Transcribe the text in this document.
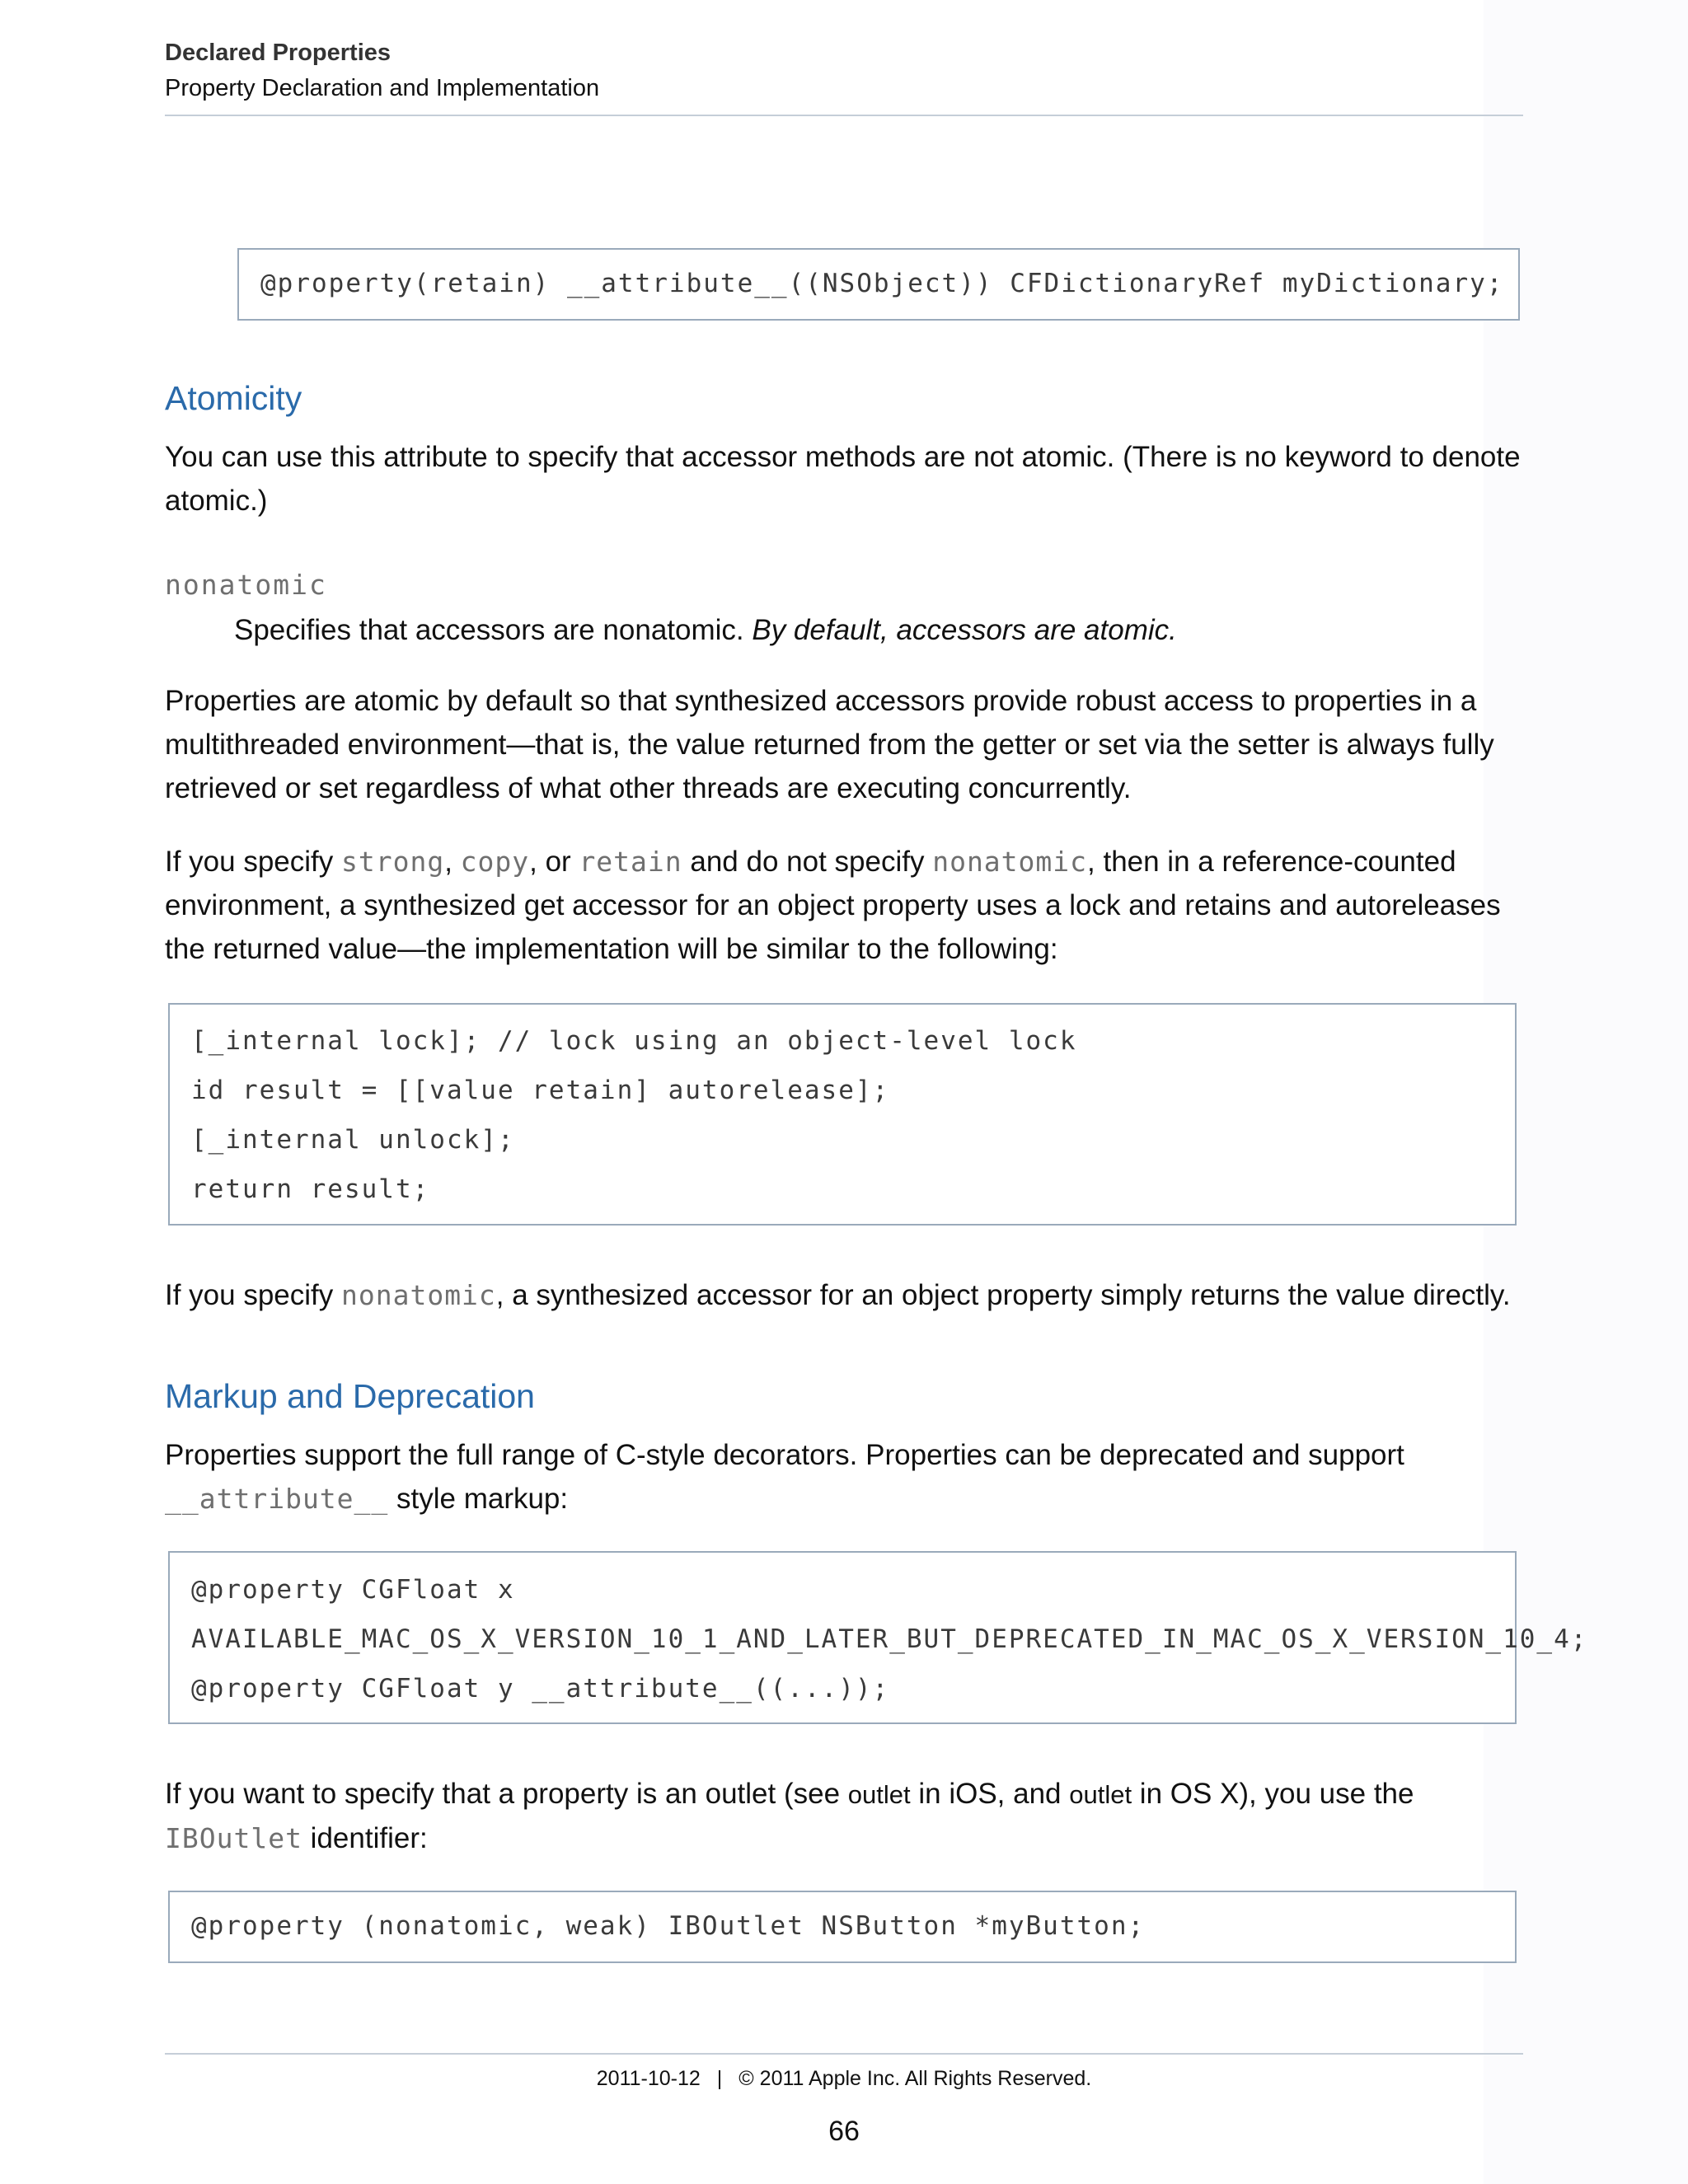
Declared Properties
Property Declaration and Implementation

@property(retain) __attribute__((NSObject)) CFDictionaryRef myDictionary;

Atomicity
You can use this attribute to specify that accessor methods are not atomic. (There is no keyword to denote atomic.)
nonatomic
Specifies that accessors are nonatomic. By default, accessors are atomic.
Properties are atomic by default so that synthesized accessors provide robust access to properties in a multithreaded environment—that is, the value returned from the getter or set via the setter is always fully retrieved or set regardless of what other threads are executing concurrently.
If you specify strong, copy, or retain and do not specify nonatomic, then in a reference-counted environment, a synthesized get accessor for an object property uses a lock and retains and autoreleases the returned value—the implementation will be similar to the following:

[_internal lock]; // lock using an object-level lock

id result = [[value retain] autorelease];

[_internal unlock];

return result;

If you specify nonatomic, a synthesized accessor for an object property simply returns the value directly.
Markup and Deprecation
Properties support the full range of C-style decorators. Properties can be deprecated and support __attribute__ style markup:

@property CGFloat x

AVAILABLE_MAC_OS_X_VERSION_10_1_AND_LATER_BUT_DEPRECATED_IN_MAC_OS_X_VERSION_10_4;

@property CGFloat y __attribute__((...));

If you want to specify that a property is an outlet (see outlet in iOS, and outlet in OS X), you use the IBOutlet identifier:

@property (nonatomic, weak) IBOutlet NSButton *myButton;

2011-10-12 | © 2011 Apple Inc. All Rights Reserved.
66
